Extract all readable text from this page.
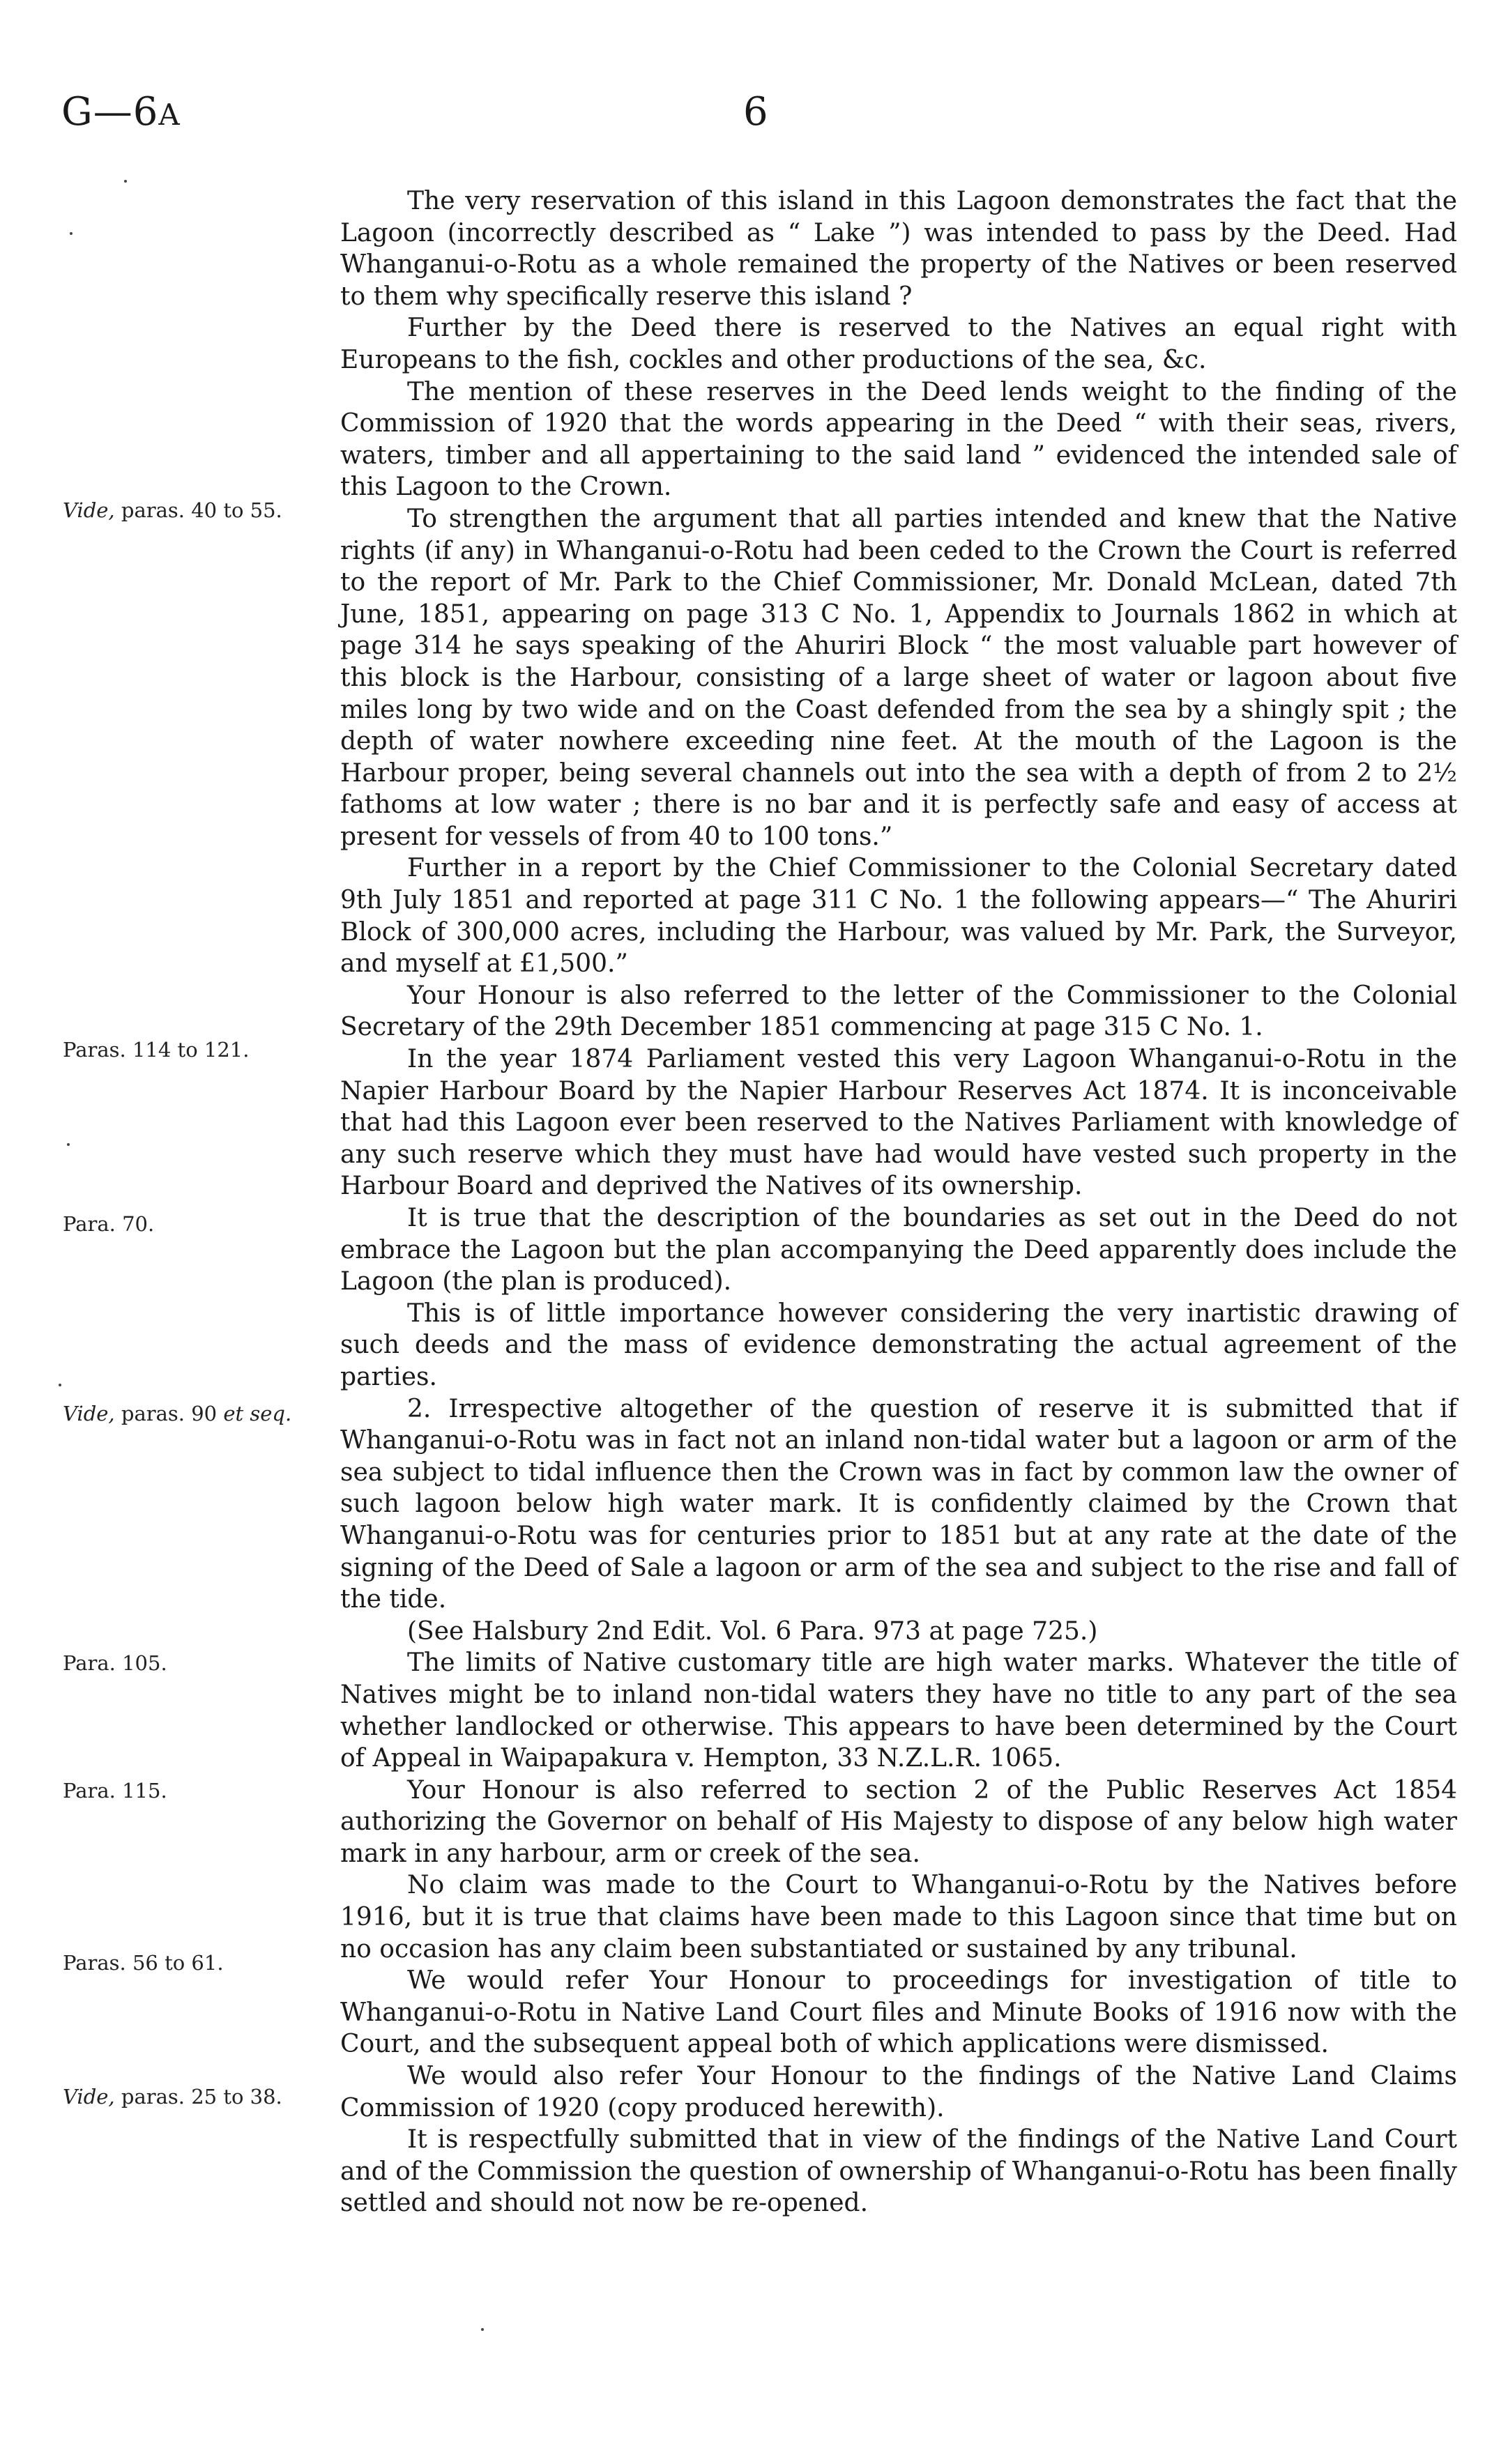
G—6A	6
Vide, paras. 40 to 55.
Paras. 114 to 121.
Para. 70.
Vide, paras. 90 et seq.
Para. 105.
Para. 115.
Paras. 56 to 61.
Vide, paras. 25 to 38.

The very reservation of this island in this Lagoon demonstrates the fact that the Lagoon (incorrectly described as “ Lake ”) was intended to pass by the Deed. Had Whanganui-o-Rotu as a whole remained the property of the Natives or been reserved to them why specifically reserve this island ?

Further by the Deed there is reserved to the Natives an equal right with Europeans to the fish, cockles and other productions of the sea, &c.

The mention of these reserves in the Deed lends weight to the finding of the Commission of 1920 that the words appearing in the Deed “ with their seas, rivers, waters, timber and all appertaining to the said land ” evidenced the intended sale of this Lagoon to the Crown.

To strengthen the argument that all parties intended and knew that the Native rights (if any) in Whanganui-o-Rotu had been ceded to the Crown the Court is referred to the report of Mr. Park to the Chief Commissioner, Mr. Donald McLean, dated 7th June, 1851, appearing on page 313 C No. 1, Appendix to Journals 1862 in which at page 314 he says speaking of the Ahuriri Block “ the most valuable part however of this block is the Harbour, consisting of a large sheet of water or lagoon about five miles long by two wide and on the Coast defended from the sea by a shingly spit ; the depth of water nowhere exceeding nine feet. At the mouth of the Lagoon is the Harbour proper, being several channels out into the sea with a depth of from 2 to 2½ fathoms at low water ; there is no bar and it is perfectly safe and easy of access at present for vessels of from 40 to 100 tons.”

Further in a report by the Chief Commissioner to the Colonial Secretary dated 9th July 1851 and reported at page 311 C No. 1 the following appears—“ The Ahuriri Block of 300,000 acres, including the Harbour, was valued by Mr. Park, the Surveyor, and myself at £1,500.”

Your Honour is also referred to the letter of the Commissioner to the Colonial Secretary of the 29th December 1851 commencing at page 315 C No. 1.

In the year 1874 Parliament vested this very Lagoon Whanganui-o-Rotu in the Napier Harbour Board by the Napier Harbour Reserves Act 1874. It is inconceivable that had this Lagoon ever been reserved to the Natives Parliament with knowledge of any such reserve which they must have had would have vested such property in the Harbour Board and deprived the Natives of its ownership.

It is true that the description of the boundaries as set out in the Deed do not embrace the Lagoon but the plan accompanying the Deed apparently does include the Lagoon (the plan is produced).

This is of little importance however considering the very inartistic drawing of such deeds and the mass of evidence demonstrating the actual agreement of the parties.

2. Irrespective altogether of the question of reserve it is submitted that if Whanganui-o-Rotu was in fact not an inland non-tidal water but a lagoon or arm of the sea subject to tidal influence then the Crown was in fact by common law the owner of such lagoon below high water mark. It is confidently claimed by the Crown that Whanganui-o-Rotu was for centuries prior to 1851 but at any rate at the date of the signing of the Deed of Sale a lagoon or arm of the sea and subject to the rise and fall of the tide.

(See Halsbury 2nd Edit. Vol. 6 Para. 973 at page 725.)

The limits of Native customary title are high water marks. Whatever the title of Natives might be to inland non-tidal waters they have no title to any part of the sea whether landlocked or otherwise. This appears to have been determined by the Court of Appeal in Waipapakura v. Hempton, 33 N.Z.L.R. 1065.

Your Honour is also referred to section 2 of the Public Reserves Act 1854 authorizing the Governor on behalf of His Majesty to dispose of any below high water mark in any harbour, arm or creek of the sea.

No claim was made to the Court to Whanganui-o-Rotu by the Natives before 1916, but it is true that claims have been made to this Lagoon since that time but on no occasion has any claim been substantiated or sustained by any tribunal.

We would refer Your Honour to proceedings for investigation of title to Whanganui-o-Rotu in Native Land Court files and Minute Books of 1916 now with the Court, and the subsequent appeal both of which applications were dismissed.

We would also refer Your Honour to the findings of the Native Land Claims Commission of 1920 (copy produced herewith).

It is respectfully submitted that in view of the findings of the Native Land Court and of the Commission the question of ownership of Whanganui-o-Rotu has been finally settled and should not now be re-opened.
